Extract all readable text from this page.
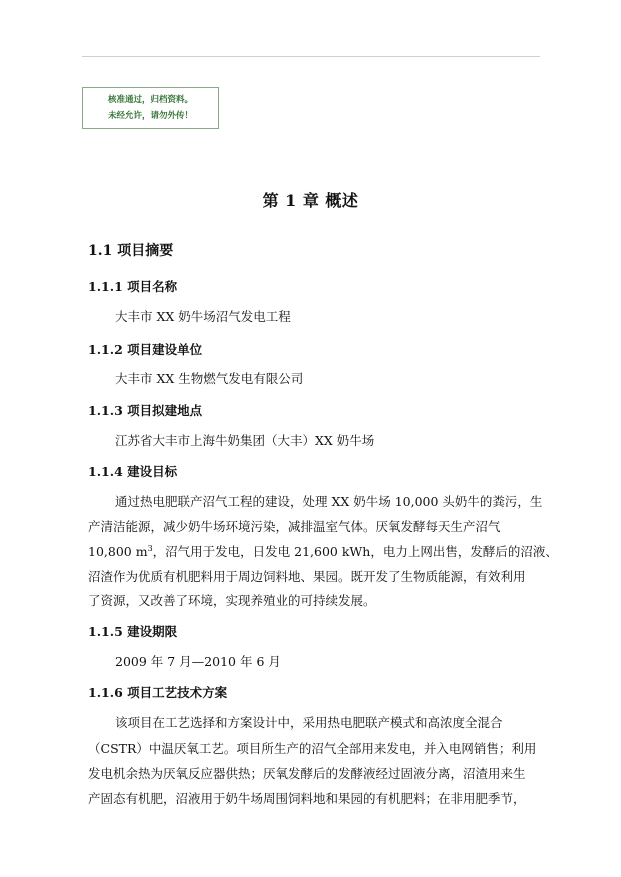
核准通过，归档资料。
未经允许，请勿外传！
第 1 章 概述
1.1 项目摘要
1.1.1 项目名称
大丰市 XX 奶牛场沼气发电工程
1.1.2 项目建设单位
大丰市 XX 生物燃气发电有限公司
1.1.3 项目拟建地点
江苏省大丰市上海牛奶集团（大丰）XX 奶牛场
1.1.4 建设目标
通过热电肥联产沼气工程的建设，处理 XX 奶牛场 10,000 头奶牛的粪污，生
产清洁能源，减少奶牛场环境污染，减排温室气体。厌氧发酵每天生产沼气
10,800 $m^3$，沼气用于发电，日发电 21,600 kWh，电力上网出售，发酵后的沼液、
沼渣作为优质有机肥料用于周边饲料地、果园。既开发了生物质能源，有效利用
了资源，又改善了环境，实现养殖业的可持续发展。
1.1.5 建设期限
2009 年 7 月—2010 年 6 月
1.1.6 项目工艺技术方案
该项目在工艺选择和方案设计中，采用热电肥联产模式和高浓度全混合
（CSTR）中温厌氧工艺。项目所生产的沼气全部用来发电，并入电网销售；利用
发电机余热为厌氧反应器供热；厌氧发酵后的发酵液经过固液分离，沼渣用来生
产固态有机肥，沼液用于奶牛场周围饲料地和果园的有机肥料；在非用肥季节，
